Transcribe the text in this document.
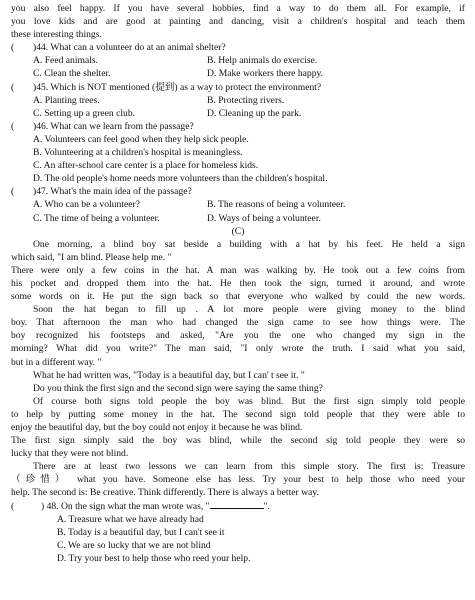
you also feel happy. If you have several hobbies, find a way to do them all. For example, if
you love kids and are good at painting and dancing, visit a children's hospital and teach them
these interesting things.
(	)44. What can a volunteer do at an animal shelter?
A. Feed animals.	B. Help animals do exercise.
C. Clean the shelter.	D. Make workers there happy.
(	)45. Which is NOT mentioned (提到) as a way to protect the environment?
A. Planting trees.	B. Protecting rivers.
C. Setting up a green club.	D. Cleaning up the park.
(	)46. What can we learn from the passage?
A. Volunteers can feel good when they help sick people.
B. Volunteering at a children's hospital is meaningless.
C. An after-school care center is a place for homeless kids.
D. The old people's home needs more volunteers than the children's hospital.
(	)47. What's the main idea of the passage?
A. Who can be a volunteer?	B. The reasons of being a volunteer.
C. The time of being a volunteer.	D. Ways of being a volunteer.
(C)
One morning, a blind boy sat beside a building with a hat by his feet. He held a sign
which said, "I am blind. Please help me. "
There were only a few coins in the hat. A man was walking by. He took out a few coins from
his pocket and dropped them into the hat. He then took the sign, turned it around, and wrote
some words on it. He put the sign back so that everyone who walked by could the new words.
Soon the hat began to fill up . A lot more people were giving money to the blind
boy. That afternoon the man who had changed the sign came to see how things were. The
boy recognized his footsteps and asked, "Are you the one who changed my sign in the
morning? What did you write?" The man said, "I only wrote the truth. I said what you said,
but in a different way. "
What he had written was, "Today is a beautiful day, but I can' t see it. "
Do you think the first sign and the second sign were saying the same thing?
Of course both signs told people the boy was blind. But the first sign simply told people
to help by putting some money in the hat. The second sign told people that they were able to
enjoy the beautiful day, but the boy could not enjoy it because he was blind.
The first sign simply said the boy was blind, while the second sig told people they were so
lucky that they were not blind.
There are at least two lessons we can learn from this simple story. The first is: Treasure
（珍惜） what you have. Someone else has less. Try your best to help those who need your
help. The second is: Be creative. Think differently. There is always a better way.
(	) 48. On the sign what the man wrote was, "	".
A. Treasure what we have already had
B. Today is a beautiful day, but I can't see it
C. We are so lucky that we are not blind
D. Try your best to help those who reed your help.
